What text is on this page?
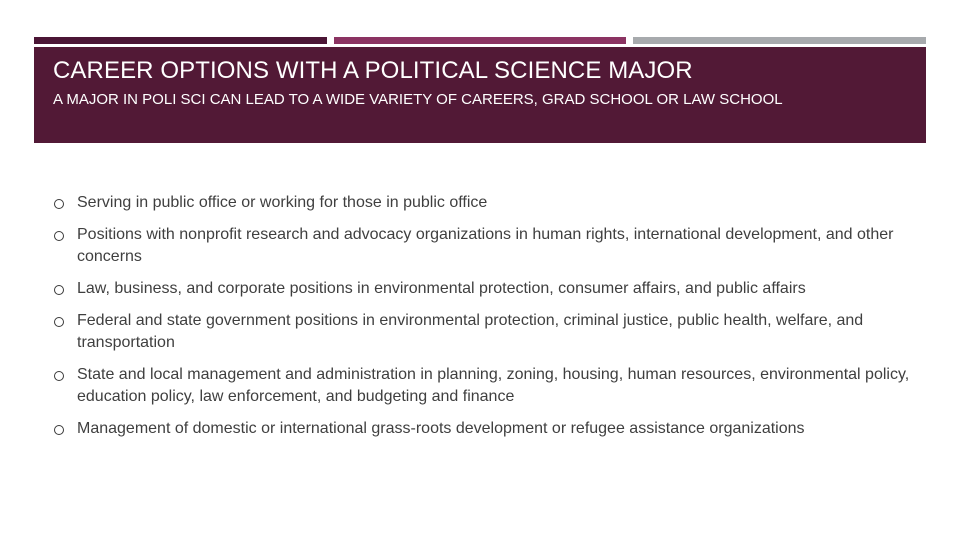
CAREER OPTIONS WITH A POLITICAL SCIENCE MAJOR

A MAJOR IN POLI SCI CAN LEAD TO A WIDE VARIETY OF CAREERS, GRAD SCHOOL OR LAW SCHOOL

Serving in public office or working for those in public office
Positions with nonprofit research and advocacy organizations in human rights, international development, and other concerns
Law, business, and corporate positions in environmental protection, consumer affairs, and public affairs
Federal and state government positions in environmental protection, criminal justice, public health, welfare, and transportation
State and local management and administration in planning, zoning, housing, human resources, environmental policy, education policy, law enforcement, and budgeting and finance
Management of domestic or international grass-roots development or refugee assistance organizations
